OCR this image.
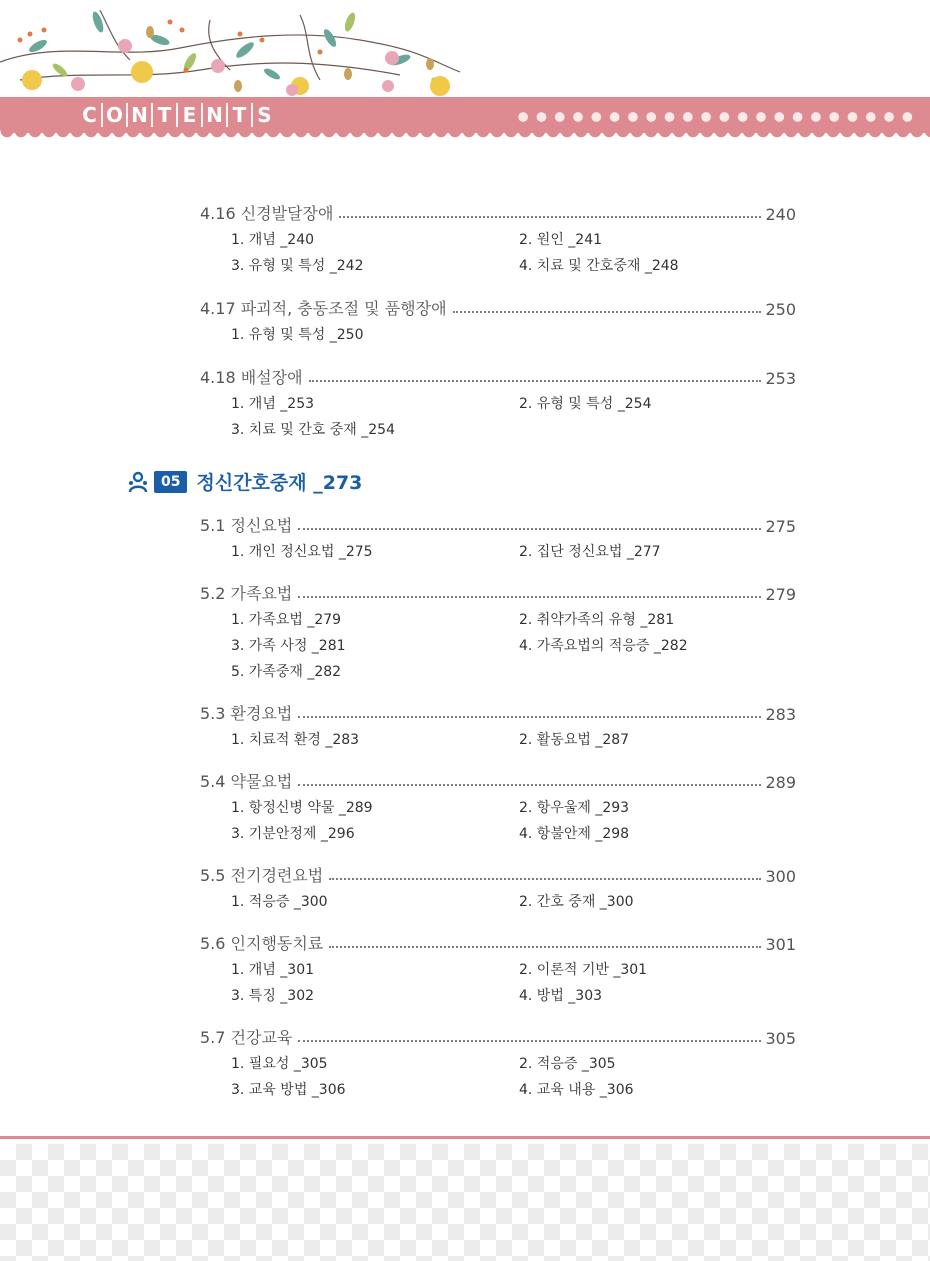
C O N T E N T S
4.16 신경발달장애	240
1. 개념 _240	2. 원인 _241
3. 유형 및 특성 _242	4. 치료 및 간호중재 _248
4.17 파괴적, 충동조절 및 품행장애	250
1. 유형 및 특성 _250
4.18 배설장애	253
1. 개념 _253	2. 유형 및 특성 _254
3. 치료 및 간호 중재 _254
05 정신간호중재 _273
5.1 정신요법	275
1. 개인 정신요법 _275	2. 집단 정신요법 _277
5.2 가족요법	279
1. 가족요법 _279	2. 취약가족의 유형 _281
3. 가족 사정 _281	4. 가족요법의 적응증 _282
5. 가족중재 _282
5.3 환경요법	283
1. 치료적 환경 _283	2. 활동요법 _287
5.4 약물요법	289
1. 항정신병 약물 _289	2. 항우울제 _293
3. 기분안정제 _296	4. 항불안제 _298
5.5 전기경련요법	300
1. 적응증 _300	2. 간호 중재 _300
5.6 인지행동치료	301
1. 개념 _301	2. 이론적 기반 _301
3. 특징 _302	4. 방법 _303
5.7 건강교육	305
1. 필요성 _305	2. 적응증 _305
3. 교육 방법 _306	4. 교육 내용 _306
